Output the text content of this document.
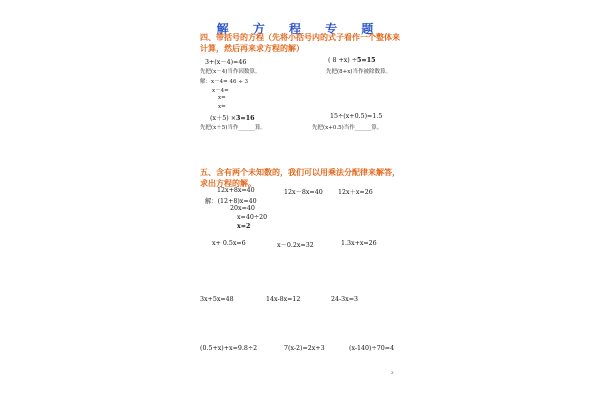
解 方 程 专 题
四、带括号的方程（先将小括号内的式子看作一个整体来
计算，然后再来求方程的解）
3+(x－4)=46
先把(x－4)当作因数算。
解：x－4= 46 ÷ 3
x－4=
x=
x=
( 8 +x) ÷5=15
先把(8+x)当作被除数算。
(x＋5) ×3=16
先把(x＋5)当作______算。
15÷(x+0.5)=1.5
先把(x+0.5)当作______算。
五、含有两个未知数的，我们可以用乘法分配律来解答，
求出方程的解。
12x+8x=40
解：(12+8)x=40
20x=40
x=40÷20
x=2
12x－8x=40 12x＋x=26
x+ 0.5x=6	x－0.2x=32	1.3x+x=26
3x+5x=48	14x-8x=12	24-3x=3
(0.5+x)+x=9.8÷2	7(x-2)=2x+3	(x-140)÷70=4
3
